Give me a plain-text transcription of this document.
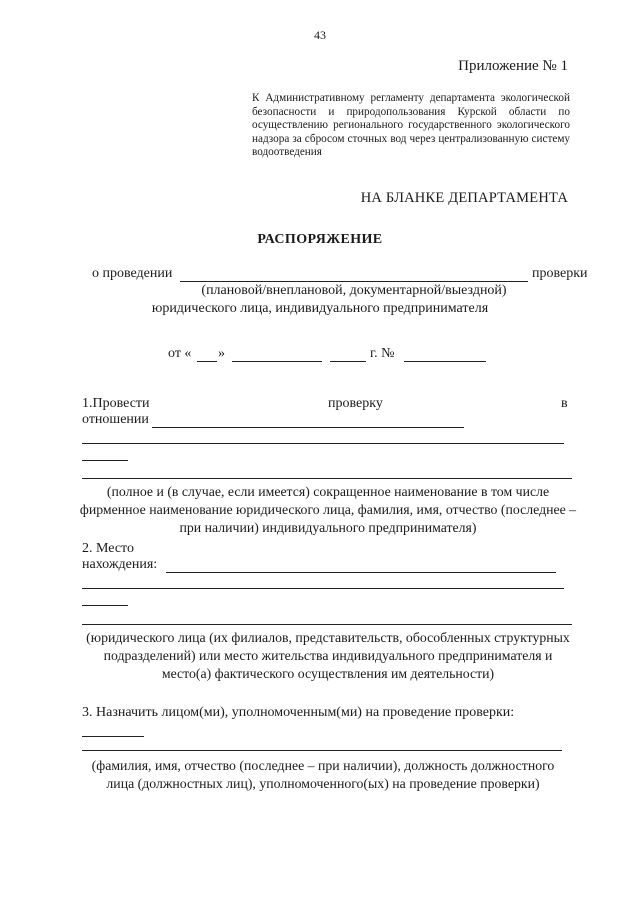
43
Приложение № 1
К Административному регламенту департамента экологической безопасности и природопользования Курской области по осуществлению регионального государственного экологического надзора за сбросом сточных вод через централизованную систему водоотведения
НА БЛАНКЕ ДЕПАРТАМЕНТА
РАСПОРЯЖЕНИЕ
о проведении	проверки
(плановой/внеплановой, документарной/выездной)
юридического лица, индивидуального предпринимателя
от « »	г. №
1.Провести	проверку	в
отношении
(полное и (в случае, если имеется) сокращенное наименование в том числе фирменное наименование юридического лица, фамилия, имя, отчество (последнее – при наличии) индивидуального предпринимателя)
2. Место
нахождения:
(юридического лица (их филиалов, представительств, обособленных структурных подразделений) или место жительства индивидуального предпринимателя и место(а) фактического осуществления им деятельности)
3. Назначить лицом(ми), уполномоченным(ми) на проведение проверки:
(фамилия, имя, отчество (последнее – при наличии), должность должностного лица (должностных лиц), уполномоченного(ых) на проведение проверки)
